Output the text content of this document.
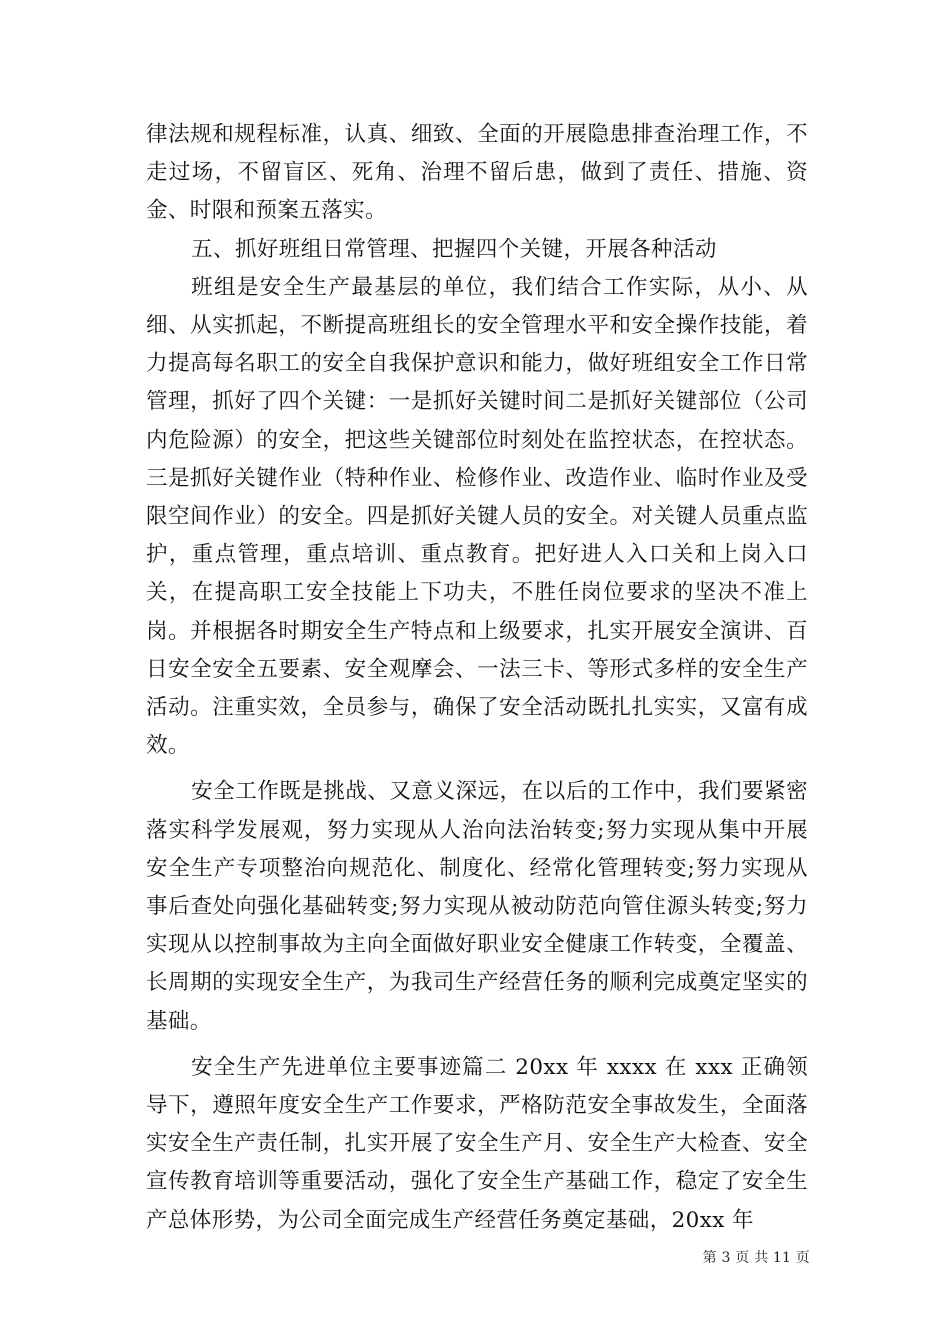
律法规和规程标准，认真、细致、全面的开展隐患排查治理工作，不走过场，不留盲区、死角、治理不留后患，做到了责任、措施、资金、时限和预案五落实。

五、抓好班组日常管理、把握四个关键，开展各种活动

班组是安全生产最基层的单位，我们结合工作实际，从小、从细、从实抓起，不断提高班组长的安全管理水平和安全操作技能，着力提高每名职工的安全自我保护意识和能力，做好班组安全工作日常管理，抓好了四个关键：一是抓好关键时间二是抓好关键部位（公司内危险源）的安全，把这些关键部位时刻处在监控状态，在控状态。三是抓好关键作业（特种作业、检修作业、改造作业、临时作业及受限空间作业）的安全。四是抓好关键人员的安全。对关键人员重点监护，重点管理，重点培训、重点教育。把好进人入口关和上岗入口关，在提高职工安全技能上下功夫，不胜任岗位要求的坚决不准上岗。并根据各时期安全生产特点和上级要求，扎实开展安全演讲、百日安全安全五要素、安全观摩会、一法三卡、等形式多样的安全生产活动。注重实效，全员参与，确保了安全活动既扎扎实实，又富有成效。

安全工作既是挑战、又意义深远，在以后的工作中，我们要紧密落实科学发展观，努力实现从人治向法治转变;努力实现从集中开展安全生产专项整治向规范化、制度化、经常化管理转变;努力实现从事后查处向强化基础转变;努力实现从被动防范向管住源头转变;努力实现从以控制事故为主向全面做好职业安全健康工作转变，全覆盖、长周期的实现安全生产，为我司生产经营任务的顺利完成奠定坚实的基础。

安全生产先进单位主要事迹篇二 20xx 年 xxxx 在 xxx 正确领导下，遵照年度安全生产工作要求，严格防范安全事故发生，全面落实安全生产责任制，扎实开展了安全生产月、安全生产大检查、安全宣传教育培训等重要活动，强化了安全生产基础工作，稳定了安全生产总体形势，为公司全面完成生产经营任务奠定基础，20xx 年

第 3 页 共 11 页
